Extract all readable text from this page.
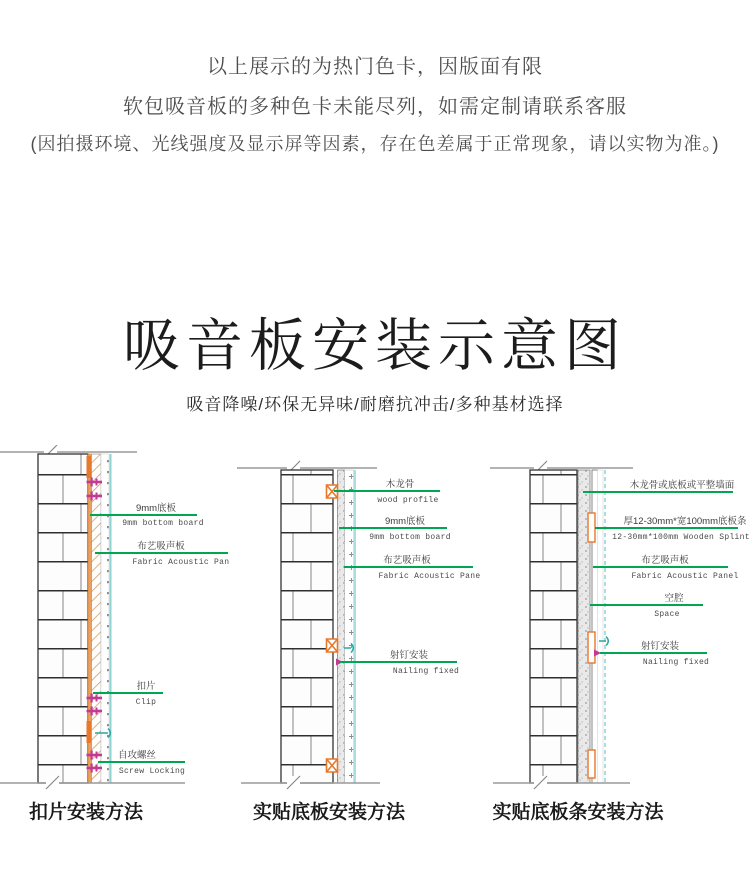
以上展示的为热门色卡，因版面有限
软包吸音板的多种色卡未能尽列，如需定制请联系客服
(因拍摄环境、光线强度及显示屏等因素，存在色差属于正常现象，请以实物为准。)
吸音板安装示意图
吸音降噪/环保无异味/耐磨抗冲击/多种基材选择
9mm底板
9mm bottom board
布艺吸声板
Fabric Acoustic Panel
扣片
Clip
自攻螺丝
Screw Locking
木龙骨
wood profile
9mm底板
9mm bottom board
布艺吸声板
Fabric Acoustic Panel
射钉安装
Nailing fixed
木龙骨或底板或平整墙面
厚12-30mm*宽100mm底板条
12-30mm*100mm Wooden Splint
布艺吸声板
Fabric Acoustic Panel
空腔
Space
射钉安装
Nailing fixed
扣片安装方法	实贴底板安装方法	实贴底板条安装方法
